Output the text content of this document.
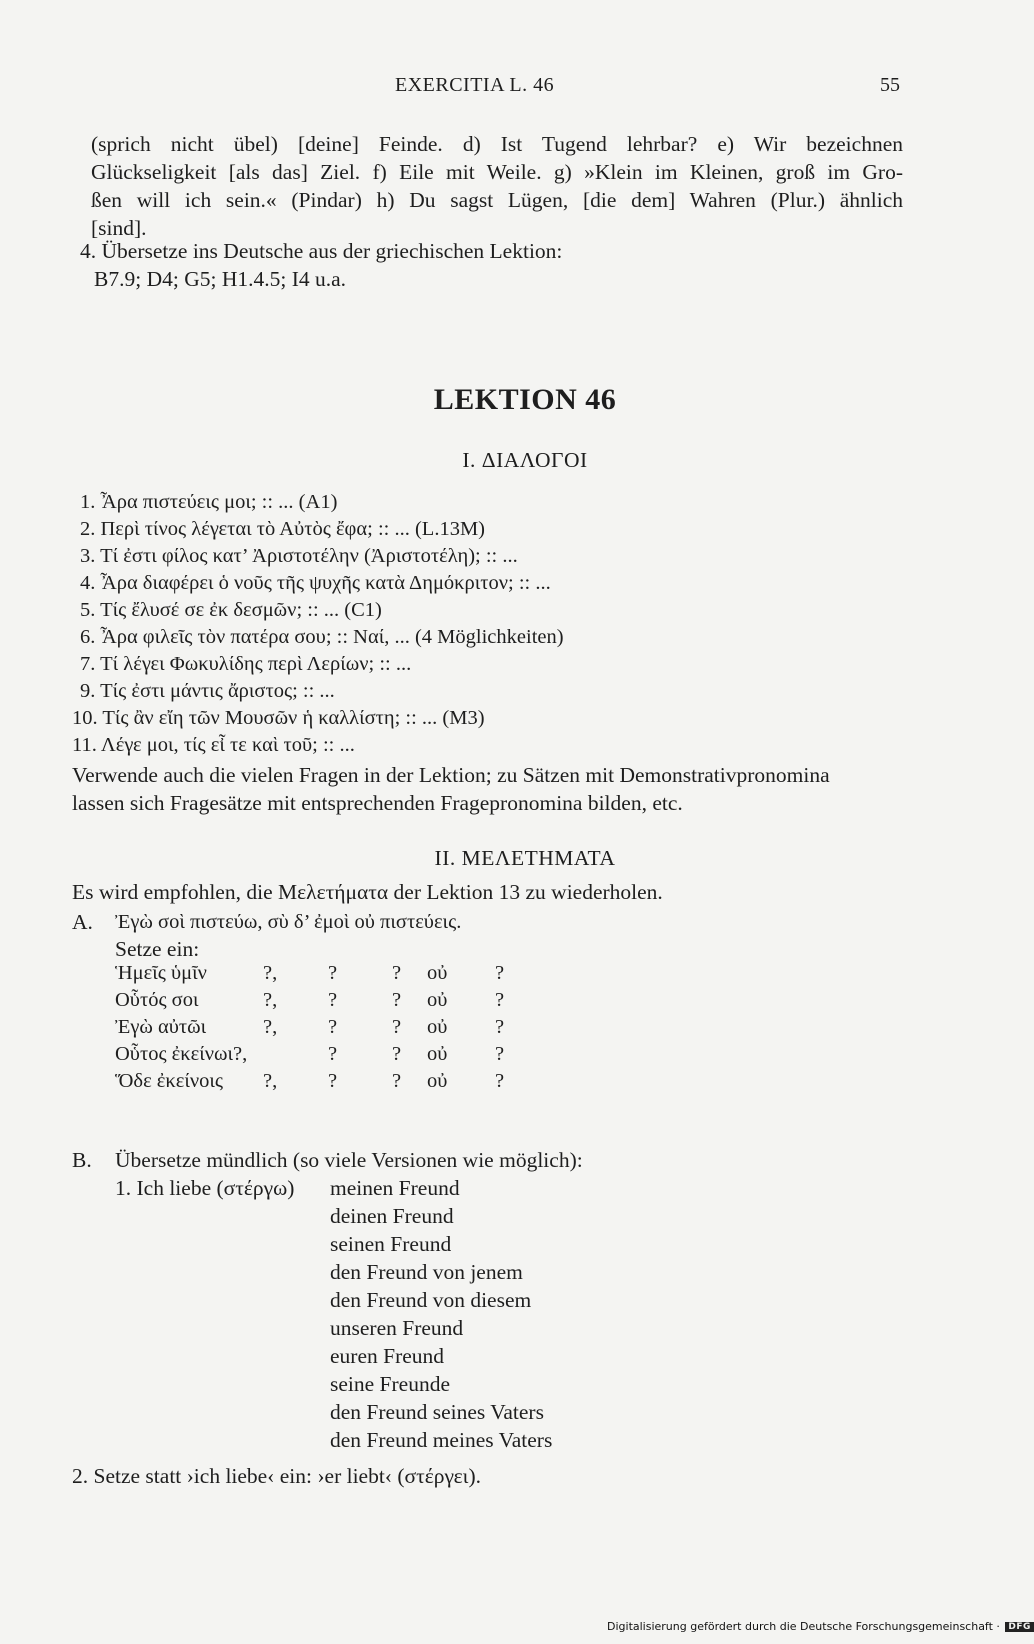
EXERCITIA L. 46	55
(sprich nicht übel) [deine] Feinde. d) Ist Tugend lehrbar? e) Wir bezeichnen
Glückseligkeit [als das] Ziel. f) Eile mit Weile. g) »Klein im Kleinen, groß im Gro-
ßen will ich sein.« (Pindar) h) Du sagst Lügen, [die dem] Wahren (Plur.) ähnlich
[sind].
4. Übersetze ins Deutsche aus der griechischen Lektion:
B7.9; D4; G5; H1.4.5; I4 u.a.
LEKTION 46
I. ΔΙΑΛΟΓΟΙ
1. Ἆρα πιστεύεις μοι; :: ... (A1)
2. Περὶ τίνος λέγεται τὸ Αὐτὸς ἔφα; :: ... (L.13M)
3. Τί ἐστι φίλος κατ’ Ἀριστοτέλην (Ἀριστοτέλη); :: ...
4. Ἆρα διαφέρει ὁ νοῦς τῆς ψυχῆς κατὰ Δημόκριτον; :: ...
5. Τίς ἔλυσέ σε ἐκ δεσμῶν; :: ... (C1)
6. Ἆρα φιλεῖς τὸν πατέρα σου; :: Ναί, ... (4 Möglichkeiten)
7. Τί λέγει Φωκυλίδης περὶ Λερίων; :: ...
9. Τίς ἐστι μάντις ἄριστος; :: ...
10. Τίς ἂν εἴη τῶν Μουσῶν ἡ καλλίστη; :: ... (M3)
11. Λέγε μοι, τίς εἶ τε καὶ τοῦ; :: ...
Verwende auch die vielen Fragen in der Lektion; zu Sätzen mit Demonstrativpronomina
lassen sich Fragesätze mit entsprechenden Fragepronomina bilden, etc.
II. ΜΕΛΕΤΗΜΑΤΑ
Es wird empfohlen, die Μελετήματα der Lektion 13 zu wiederholen.
A. Ἐγὼ σοὶ πιστεύω, σὺ δ’ ἐμοὶ οὐ πιστεύεις.
Setze ein:
Ἡμεῖς ὑμῖν	?, ?	? οὐ ?
Οὗτός σοι	?, ?	? οὐ ?
Ἐγὼ αὐτῶι	?, ?	? οὐ ?
Οὗτος ἐκείνωι?,	?	? οὐ ?
Ὅδε ἐκείνοις ?, ?	? οὐ ?
B. Übersetze mündlich (so viele Versionen wie möglich):
1. Ich liebe (στέργω) meinen Freund
deinen Freund
seinen Freund
den Freund von jenem
den Freund von diesem
unseren Freund
euren Freund
seine Freunde
den Freund seines Vaters
den Freund meines Vaters
2. Setze statt ›ich liebe‹ ein: ›er liebt‹ (στέργει).
Digitalisierung gefördert durch die Deutsche Forschungsgemeinschaft · DFG
